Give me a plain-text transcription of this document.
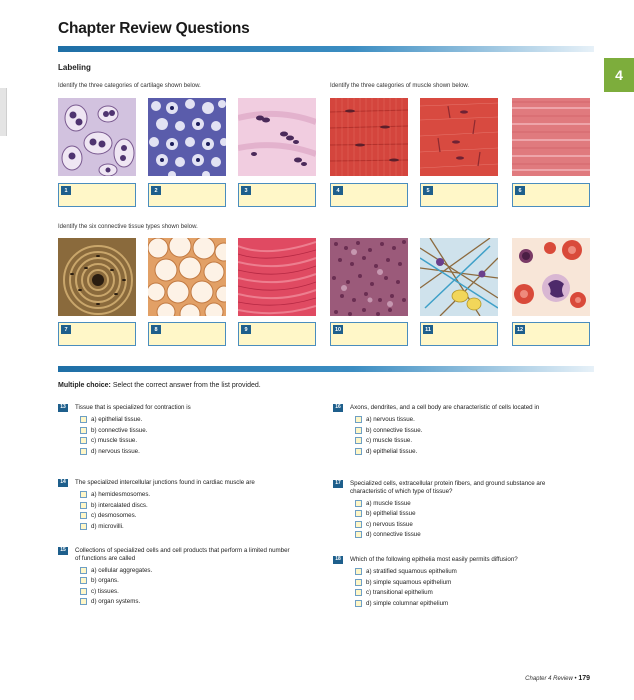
4
Chapter Review Questions
Labeling
Identify the three categories of cartilage shown below.	Identify the three categories of muscle shown below.
1	2	3	4	5	6
Identify the six connective tissue types shown below.
7	8	9	10	11	12
Multiple choice: Select the correct answer from the list provided.
13	Tissue that is specialized for contraction is
a) epithelial tissue.
b) connective tissue.
c) muscle tissue.
d) nervous tissue.
14	The specialized intercellular junctions found in cardiac muscle are
a) hemidesmosomes.
b) intercalated discs.
c) desmosomes.
d) microvilli.
15	Collections of specialized cells and cell products that perform a limited number of functions are called
a) cellular aggregates.
b) organs.
c) tissues.
d) organ systems.
16	Axons, dendrites, and a cell body are characteristic of cells located in
a) nervous tissue.
b) connective tissue.
c) muscle tissue.
d) epithelial tissue.
17	Specialized cells, extracellular protein fibers, and ground substance are characteristic of which type of tissue?
a) muscle tissue
b) epithelial tissue
c) nervous tissue
d) connective tissue
18	Which of the following epithelia most easily permits diffusion?
a) stratified squamous epithelium
b) simple squamous epithelium
c) transitional epithelium
d) simple columnar epithelium
Chapter 4 Review • 179
